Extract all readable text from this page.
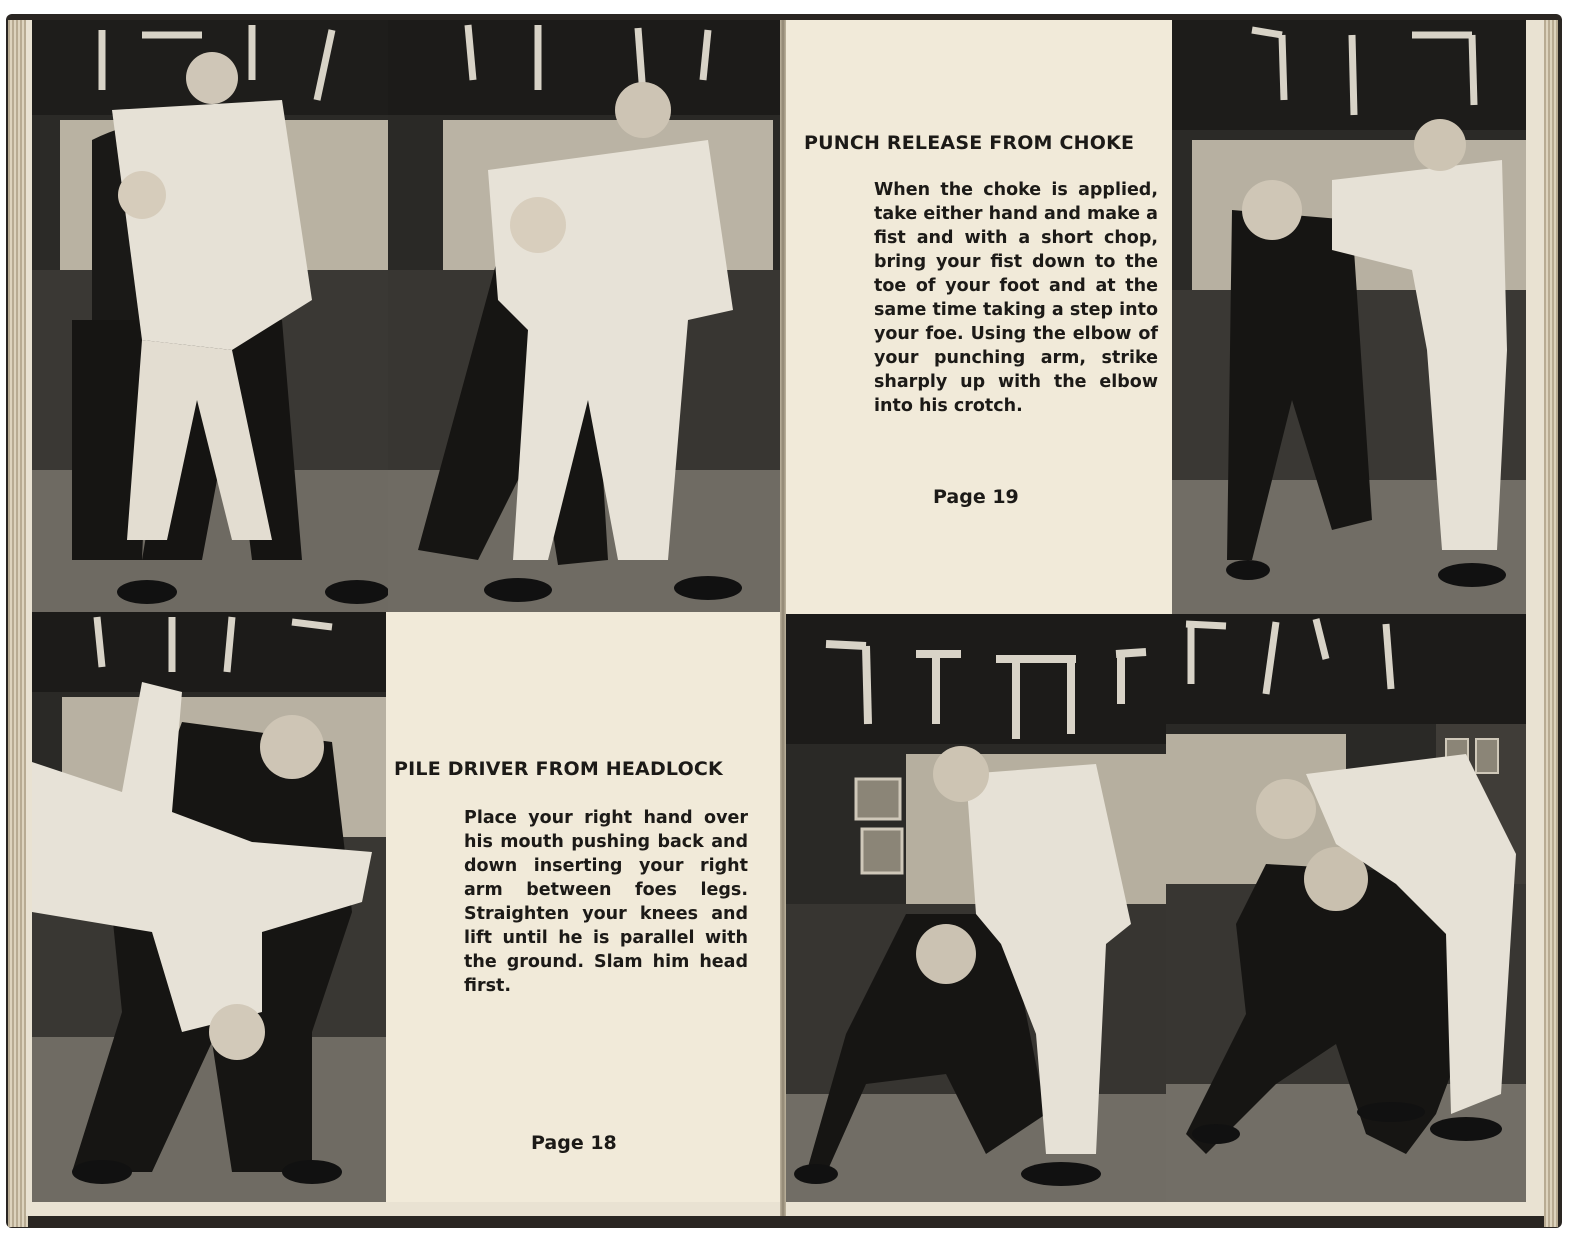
PUNCH RELEASE FROM CHOKE
When the choke is applied, take either hand and make a fist and with a short chop, bring your fist down to the toe of your foot and at the same time taking a step into your foe. Using the elbow of your punching arm, strike sharply up with the elbow into his crotch.
Page 19
PILE DRIVER FROM HEADLOCK
Place your right hand over his mouth pushing back and down inserting your right arm between foes legs. Straighten your knees and lift until he is parallel with the ground. Slam him head first.
Page 18
